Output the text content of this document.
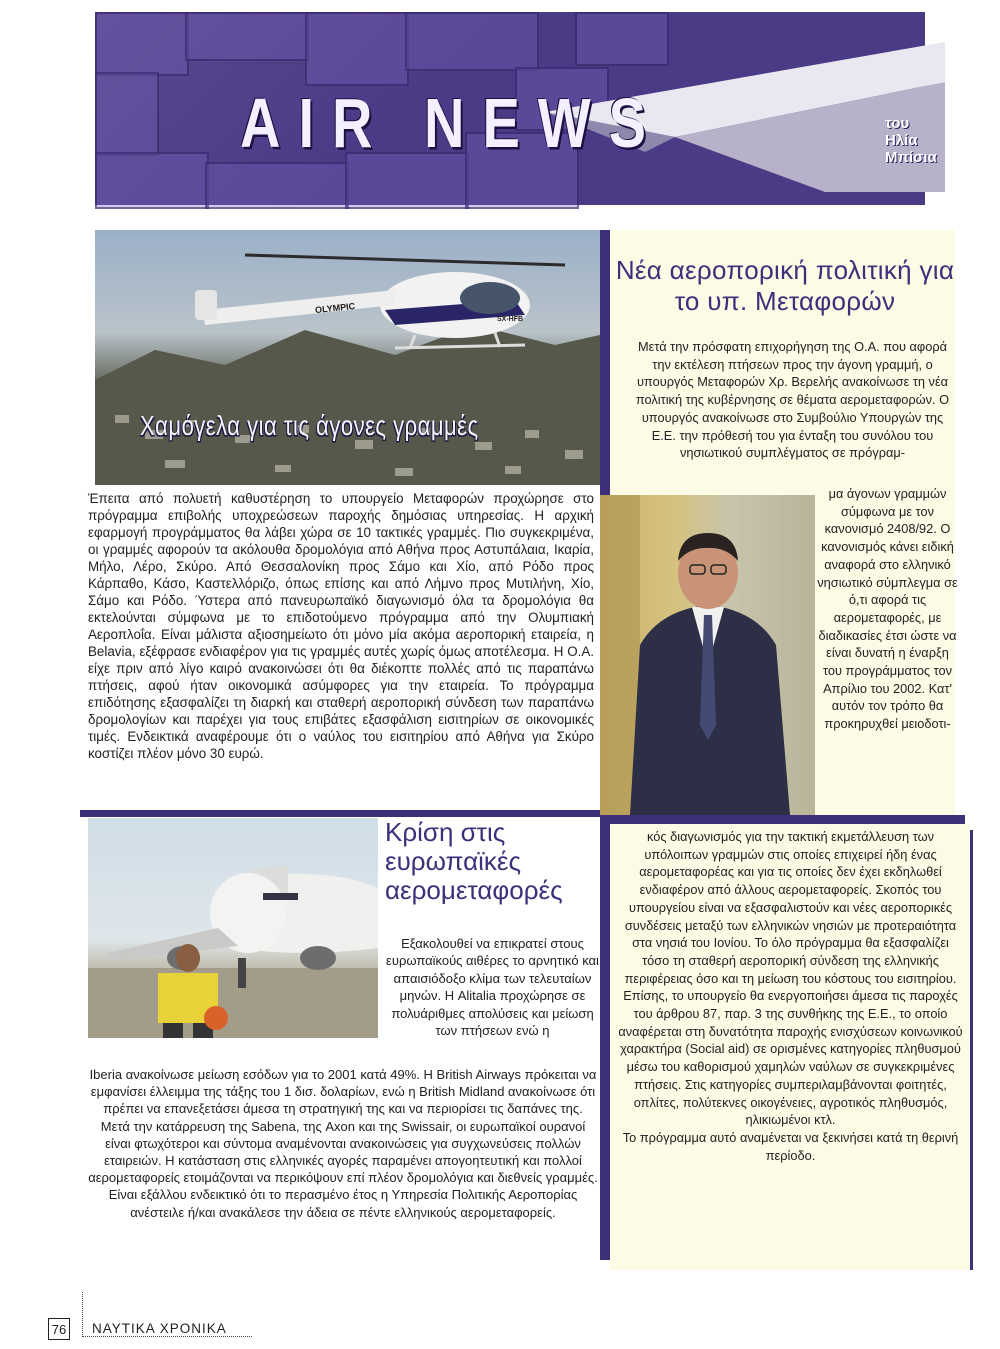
AIR NEWS	του Ηλία Μπίσια

OLYMPIC
SX-HFB

Χαμόγελα για τις άγονες γραμμές

Έπειτα από πολυετή καθυστέρηση το υπουργείο Μεταφορών προχώρησε στο πρόγραμμα επιβολής υποχρεώσεων παροχής δημόσιας υπηρεσίας. Η αρχική εφαρμογή προγράμματος θα λάβει χώρα σε 10 τακτικές γραμμές. Πιο συγκεκριμένα, οι γραμμές αφορούν τα ακόλουθα δρομολόγια από Αθήνα προς Αστυπάλαια, Ικαρία, Μήλο, Λέρο, Σκύρο. Από Θεσσαλονίκη προς Σάμο και Χίο, από Ρόδο προς Κάρπαθο, Κάσο, Καστελλόριζο, όπως επίσης και από Λήμνο προς Μυτιλήνη, Χίο, Σάμο και Ρόδο. Ύστερα από πανευρωπαϊκό διαγωνισμό όλα τα δρομολόγια θα εκτελούνται σύμφωνα με το επιδοτούμενο πρόγραμμα από την Ολυμπιακή Αεροπλοΐα. Είναι μάλιστα αξιοσημείωτο ότι μόνο μία ακόμα αεροπορική εταιρεία, η Belavia, εξέφρασε ενδιαφέρον για τις γραμμές αυτές χωρίς όμως αποτέλεσμα. Η Ο.Α. είχε πριν από λίγο καιρό ανακοινώσει ότι θα διέκοπτε πολλές από τις παραπάνω πτήσεις, αφού ήταν οικονομικά ασύμφορες για την εταιρεία. Το πρόγραμμα επιδότησης εξασφαλίζει τη διαρκή και σταθερή αεροπορική σύνδεση των παραπάνω δρομολογίων και παρέχει για τους επιβάτες εξασφάλιση εισιτηρίων σε οικονομικές τιμές. Ενδεικτικά αναφέρουμε ότι ο ναύλος του εισιτηρίου από Αθήνα για Σκύρο κοστίζει πλέον μόνο 30 ευρώ.

Νέα αεροπορική πολιτική για το υπ. Μεταφορών

Μετά την πρόσφατη επιχορήγηση της Ο.Α. που αφορά την εκτέλεση πτήσεων προς την άγονη γραμμή, ο υπουργός Μεταφορών Χρ. Βερελής ανακοίνωσε τη νέα πολιτική της κυβέρνησης σε θέματα αερομεταφορών. Ο υπουργός ανακοίνωσε στο Συμβούλιο Υπουργών της Ε.Ε. την πρόθεσή του για ένταξη του συνόλου του νησιωτικού συμπλέγματος σε πρόγραμ-

μα άγονων γραμμών σύμφωνα με τον κανονισμό 2408/92. Ο κανονισμός κάνει ειδική αναφορά στο ελληνικό νησιωτικό σύμπλεγμα σε ό,τι αφορά τις αερομεταφορές, με διαδικασίες έτσι ώστε να είναι δυνατή η έναρξη του προγράμματος τον Απρίλιο του 2002. Κατ' αυτόν τον τρόπο θα προκηρυχθεί μειοδοτι-

κός διαγωνισμός για την τακτική εκμετάλλευση των υπόλοιπων γραμμών στις οποίες επιχειρεί ήδη ένας αερομεταφορέας και για τις οποίες δεν έχει εκδηλωθεί ενδιαφέρον από άλλους αερομεταφορείς. Σκοπός του υπουργείου είναι να εξασφαλιστούν και νέες αεροπορικές συνδέσεις μεταξύ των ελληνικών νησιών με προτεραιότητα στα νησιά του Ιονίου. Το όλο πρόγραμμα θα εξασφαλίζει τόσο τη σταθερή αεροπορική σύνδεση της ελληνικής περιφέρειας όσο και τη μείωση του κόστους του εισιτηρίου. Επίσης, το υπουργείο θα ενεργοποιήσει άμεσα τις παροχές του άρθρου 87, παρ. 3 της συνθήκης της Ε.Ε., το οποίο αναφέρεται στη δυνατότητα παροχής ενισχύσεων κοινωνικού χαρακτήρα (Social aid) σε ορισμένες κατηγορίες πληθυσμού μέσω του καθορισμού χαμηλών ναύλων σε συγκεκριμένες πτήσεις. Στις κατηγορίες συμπεριλαμβάνονται φοιτητές, οπλίτες, πολύτεκνες οικογένειες, αγροτικός πληθυσμός, ηλικιωμένοι κτλ.

Το πρόγραμμα αυτό αναμένεται να ξεκινήσει κατά τη θερινή περίοδο.

Κρίση στις ευρωπαϊκές αερομεταφορές

Εξακολουθεί να επικρατεί στους ευρωπαϊκούς αιθέρες το αρνητικό και απαισιόδοξο κλίμα των τελευταίων μηνών. Η Alitalia προχώρησε σε πολυάριθμες απολύσεις και μείωση των πτήσεων ενώ η

Iberia ανακοίνωσε μείωση εσόδων για το 2001 κατά 49%. Η British Airways πρόκειται να εμφανίσει έλλειμμα της τάξης του 1 δισ. δολαρίων, ενώ η British Midland ανακοίνωσε ότι πρέπει να επανεξετάσει άμεσα τη στρατηγική της και να περιορίσει τις δαπάνες της. Μετά την κατάρρευση της Sabena, της Axon και της Swissair, οι ευρωπαϊκοί ουρανοί είναι φτωχότεροι και σύντομα αναμένονται ανακοινώσεις για συγχωνεύσεις πολλών εταιρειών. Η κατάσταση στις ελληνικές αγορές παραμένει απογοητευτική και πολλοί αερομεταφορείς ετοιμάζονται να περικόψουν επί πλέον δρομολόγια και διεθνείς γραμμές. Είναι εξάλλου ενδεικτικό ότι το περασμένο έτος η Υπηρεσία Πολιτικής Αεροπορίας ανέστειλε ή/και ανακάλεσε την άδεια σε πέντε ελληνικούς αερομεταφορείς.

76 ΝΑΥΤΙΚΑ ΧΡΟΝΙΚΑ
